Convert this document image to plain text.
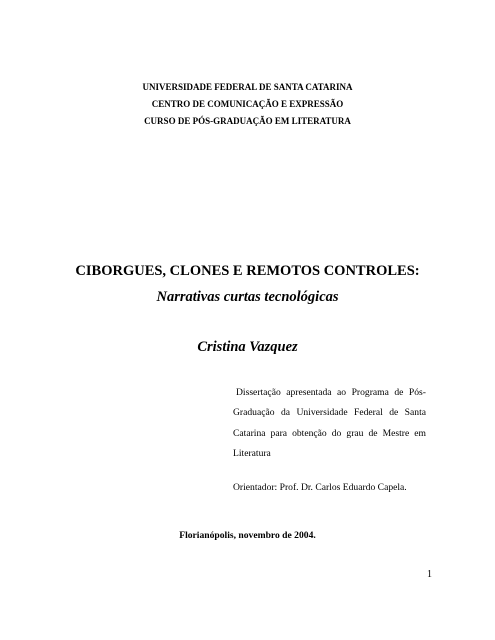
UNIVERSIDADE FEDERAL DE SANTA CATARINA
CENTRO DE COMUNICAÇÃO E EXPRESSÃO
CURSO DE PÓS-GRADUAÇÃO EM LITERATURA
CIBORGUES, CLONES E REMOTOS CONTROLES:
Narrativas curtas tecnológicas
Cristina Vazquez
Dissertação apresentada ao Programa de Pós-Graduação da Universidade Federal de Santa Catarina para obtenção do grau de Mestre em Literatura
Orientador: Prof. Dr. Carlos Eduardo Capela.
Florianópolis, novembro de 2004.
1
